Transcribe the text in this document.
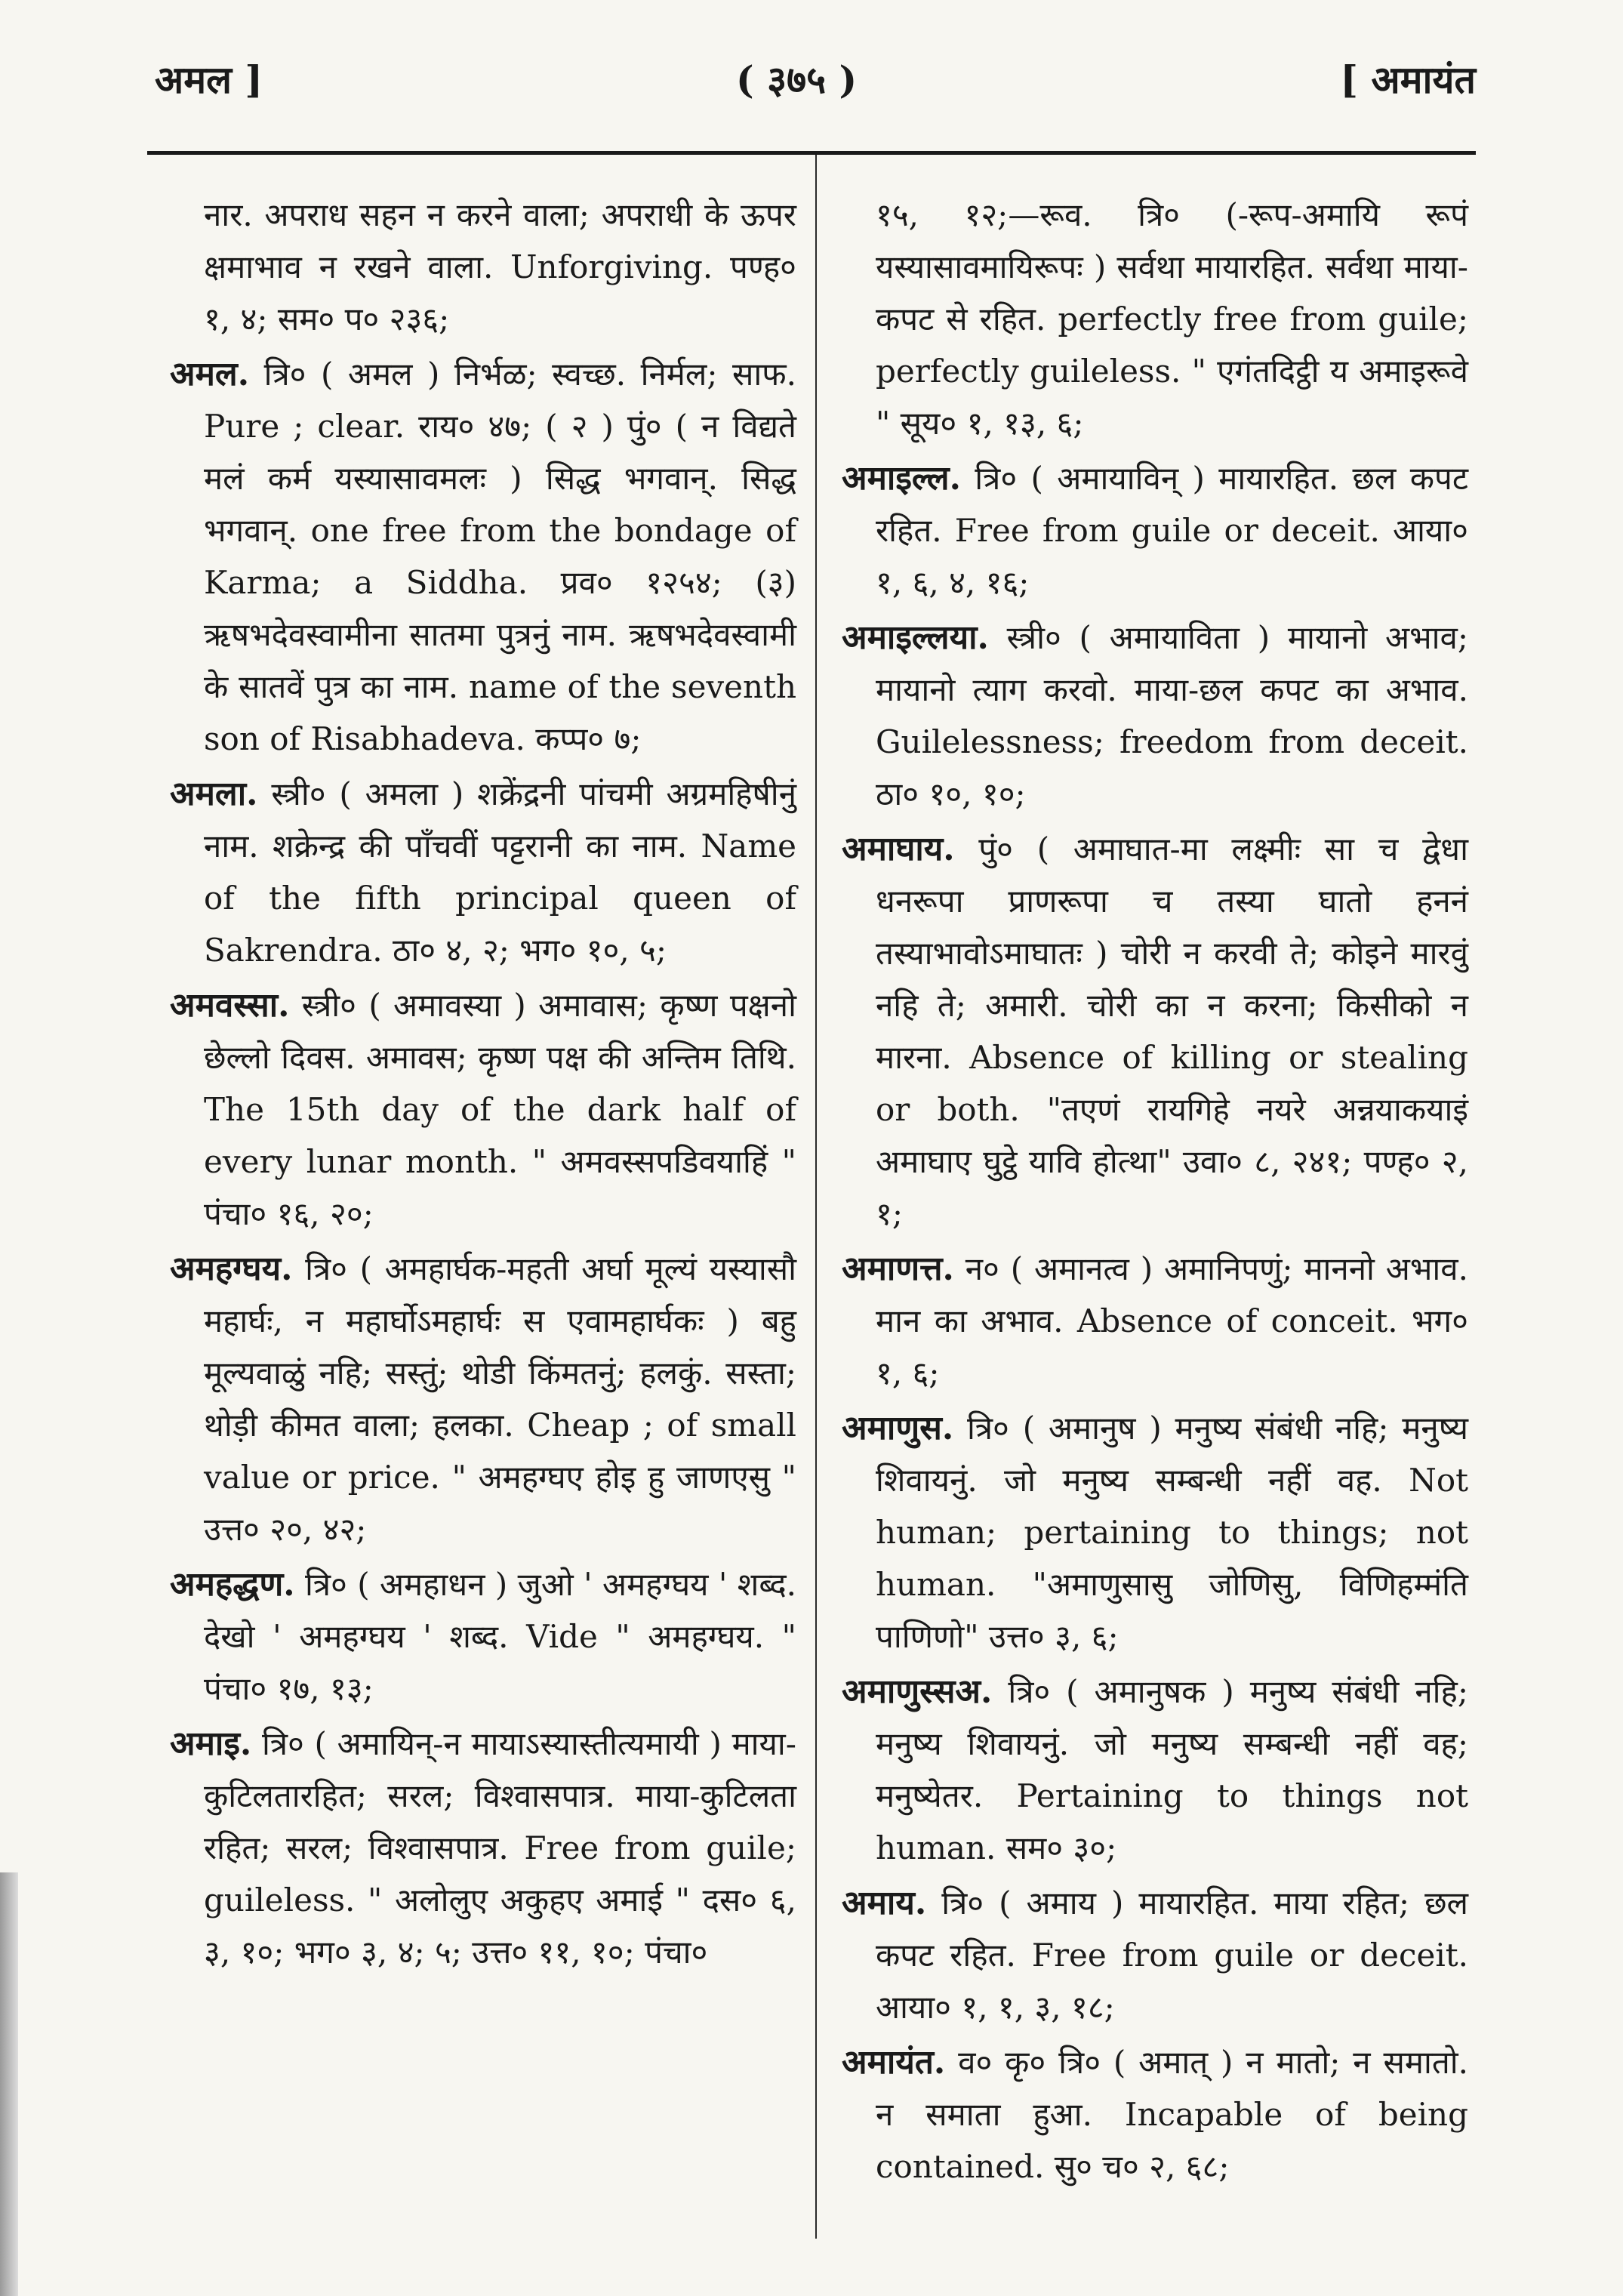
अमल ]	( ३७५ )	[ अमायंत

नार. अपराध सहन न करने वाला; अपराधी के ऊपर क्षमाभाव न रखने वाला. Unforgiving. पण्ह० १, ४; सम० प० २३६;

अमल. त्रि० ( अमल ) निर्भळ; स्वच्छ. निर्मल; साफ. Pure ; clear. राय० ४७; ( २ ) पुं० ( न विद्यते मलं कर्म यस्यासावमलः ) सिद्ध भगवान्. सिद्ध भगवान्. one free from the bondage of Karma; a Siddha. प्रव० १२५४; (३) ऋषभदेवस्वामीना सातमा पुत्रनुं नाम. ऋषभदेवस्वामी के सातवें पुत्र का नाम. name of the seventh son of Risabhadeva. कप्प० ७;

अमला. स्त्री० ( अमला ) शक्रेंद्रनी पांचमी अग्रमहिषीनुं नाम. शक्रेन्द्र की पाँचवीं पट्टरानी का नाम. Name of the fifth principal queen of Sakrendra. ठा० ४, २; भग० १०, ५;

अमवस्सा. स्त्री० ( अमावस्या ) अमावास; कृष्ण पक्षनो छेल्लो दिवस. अमावस; कृष्ण पक्ष की अन्तिम तिथि. The 15th day of the dark half of every lunar month. " अमवस्सपडिवयाहिं " पंचा० १६, २०;

अमहग्घय. त्रि० ( अमहार्घक-महती अर्घा मूल्यं यस्यासौ महार्घः, न महार्घोऽमहार्घः स एवामहार्घकः ) बहु मूल्यवाळुं नहि; सस्तुं; थोडी किंमतनुं; हलकुं. सस्ता; थोड़ी कीमत वाला; हलका. Cheap ; of small value or price. " अमहग्घए होइ हु जाणएसु " उत्त० २०, ४२;

अमहद्धण. त्रि० ( अमहाधन ) जुओ ' अमहग्घय ' शब्द. देखो ' अमहग्घय ' शब्द. Vide " अमहग्घय. " पंचा० १७, १३;

अमाइ. त्रि० ( अमायिन्-न मायाऽस्यास्तीत्यमायी ) माया-कुटिलतारहित; सरल; विश्वासपात्र. माया-कुटिलता रहित; सरल; विश्वासपात्र. Free from guile; guileless. " अलोलुए अकुहए अमाई " दस० ६, ३, १०; भग० ३, ४; ५; उत्त० ११, १०; पंचा०

१५, १२;—रूव. त्रि० (-रूप-अमायि रूपं यस्यासावमायिरूपः ) सर्वथा मायारहित. सर्वथा माया-कपट से रहित. perfectly free from guile; perfectly guileless. " एगंतदिट्ठी य अमाइरूवे " सूय० १, १३, ६;

अमाइल्ल. त्रि० ( अमायाविन् ) मायारहित. छल कपट रहित. Free from guile or deceit. आया० १, ६, ४, १६;

अमाइल्लया. स्त्री० ( अमायाविता ) मायानो अभाव; मायानो त्याग करवो. माया-छल कपट का अभाव. Guilelessness; freedom from deceit. ठा० १०, १०;

अमाघाय. पुं० ( अमाघात-मा लक्ष्मीः सा च द्वेधा धनरूपा प्राणरूपा च तस्या घातो हननं तस्याभावोऽमाघातः ) चोरी न करवी ते; कोइने मारवुं नहि ते; अमारी. चोरी का न करना; किसीको न मारना. Absence of killing or stealing or both. "तएणं रायगिहे नयरे अन्नयाकयाइं अमाघाए घुट्ठे यावि होत्था" उवा० ८, २४१; पण्ह० २, १;

अमाणत्त. न० ( अमानत्व ) अमानिपणुं; माननो अभाव. मान का अभाव. Absence of conceit. भग० १, ६;

अमाणुस. त्रि० ( अमानुष ) मनुष्य संबंधी नहि; मनुष्य शिवायनुं. जो मनुष्य सम्बन्धी नहीं वह. Not human; pertaining to things; not human. "अमाणुसासु जोणिसु, विणिहम्मंति पाणिणो" उत्त० ३, ६;

अमाणुस्सअ. त्रि० ( अमानुषक ) मनुष्य संबंधी नहि; मनुष्य शिवायनुं. जो मनुष्य सम्बन्धी नहीं वह; मनुष्येतर. Pertaining to things not human. सम० ३०;

अमाय. त्रि० ( अमाय ) मायारहित. माया रहित; छल कपट रहित. Free from guile or deceit. आया० १, १, ३, १८;

अमायंत. व० कृ० त्रि० ( अमात् ) न मातो; न समातो. न समाता हुआ. Incapable of being contained. सु० च० २, ६८;
